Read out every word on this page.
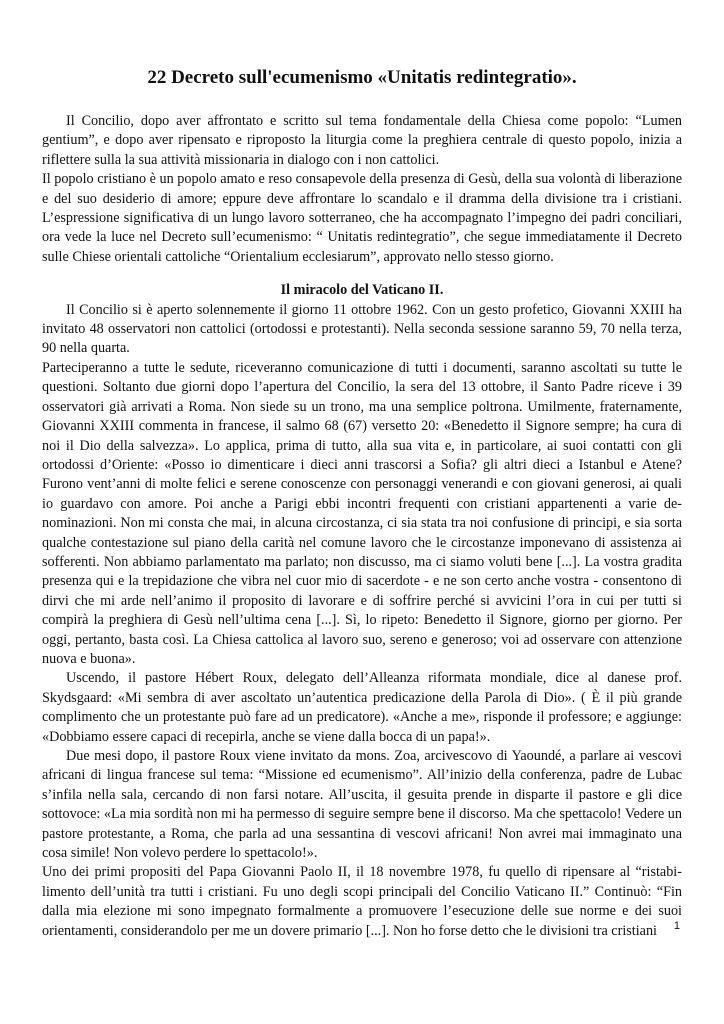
22 Decreto sull'ecumenismo «Unitatis redintegratio».

Il Concilio, dopo aver affrontato e scritto sul tema fondamentale della Chiesa come popolo: “Lumen gentium”, e dopo aver ripensato e riproposto la liturgia come la preghiera centrale di questo popolo, inizia a riflettere sulla la sua attività missionaria in dialogo con i non cattolici.

Il popolo cristiano è un popolo amato e reso consapevole della presenza di Gesù, della sua volontà di liberazione e del suo desiderio di amore; eppure deve affrontare lo scandalo e il dramma della divisione tra i cristiani. L’espressione significativa di un lungo lavoro sotterraneo, che ha accompagnato l’impegno dei padri conciliari, ora vede la luce nel Decreto sull’ecumenismo: “ Unitatis redintegratio”, che segue immediatamente il Decreto sulle Chiese orientali cattoliche “Orientalium ecclesiarum”, approvato nello stesso giorno.

Il miracolo del Vaticano II.

Il Concilio si è aperto solennemente il giorno 11 ottobre 1962. Con un gesto profetico, Giovanni XXIII ha invitato 48 osservatori non cattolici (ortodossi e protestanti). Nella seconda sessione saranno 59, 70 nella terza, 90 nella quarta.

Parteciperanno a tutte le sedute, riceveranno comunicazione di tutti i documenti, saranno ascoltati su tutte le questioni. Soltanto due giorni dopo l’apertura del Concilio, la sera del 13 ottobre, il Santo Padre riceve i 39 osservatori già arrivati a Roma. Non siede su un trono, ma una semplice poltrona. Umilmente, fraternamente, Giovanni XXIII commenta in francese, il salmo 68 (67) versetto 20: «Benedetto il Signore sempre; ha cura di noi il Dio della salvezza». Lo applica, prima di tutto, alla sua vita e, in particolare, ai suoi contatti con gli ortodossi d’Oriente: «Posso io dimenticare i dieci anni trascorsi a Sofia? gli altri dieci a Istanbul e Atene? Furono vent’anni di molte felici e serene conoscenze con personaggi venerandi e con giovani generosi, ai quali io guardavo con amore. Poi anche a Parigi ebbi incontri frequenti con cristiani appartenenti a varie denominazioni. Non mi consta che mai, in alcuna circostanza, ci sia stata tra noi confusione di principi, e sia sorta qualche contestazione sul piano della carità nel comune lavoro che le circostanze imponevano di assistenza ai sofferenti. Non abbiamo parlamentato ma parlato; non discusso, ma ci siamo voluti bene [...]. La vostra gradita presenza qui e la trepidazione che vibra nel cuor mio di sacerdote - e ne son certo anche vostra - consentono di dirvi che mi arde nell’animo il proposito di lavorare e di soffrire perché si avvicini l’ora in cui per tutti si compirà la preghiera di Gesù nell’ultima cena [...]. Sì, lo ripeto: Benedetto il Signore, giorno per giorno. Per oggi, pertanto, basta così. La Chiesa cattolica al lavoro suo, sereno e generoso; voi ad osservare con attenzione nuova e buona».

Uscendo, il pastore Hébert Roux, delegato dell’Alleanza riformata mondiale, dice al danese prof. Skydsgaard: «Mi sembra di aver ascoltato un’autentica predicazione della Parola di Dio». ( È il più grande complimento che un protestante può fare ad un predicatore). «Anche a me», risponde il professore; e aggiunge: «Dobbiamo essere capaci di recepirla, anche se viene dalla bocca di un papa!».

Due mesi dopo, il pastore Roux viene invitato da mons. Zoa, arcivescovo di Yaoundé, a parlare ai vescovi africani di lingua francese sul tema: “Missione ed ecumenismo”. All’inizio della conferenza, padre de Lubac s’infila nella sala, cercando di non farsi notare. All’uscita, il gesuita prende in disparte il pastore e gli dice sottovoce: «La mia sordità non mi ha permesso di seguire sempre bene il discorso. Ma che spettacolo! Vedere un pastore protestante, a Roma, che parla ad una sessantina di vescovi africani! Non avrei mai immaginato una cosa simile! Non volevo perdere lo spettacolo!».

Uno dei primi propositi del Papa Giovanni Paolo II, il 18 novembre 1978, fu quello di ripensare al “ristabilimento dell’unità tra tutti i cristiani. Fu uno degli scopi principali del Concilio Vaticano II.” Continuò: “Fin dalla mia elezione mi sono impegnato formalmente a promuovere l’esecuzione delle sue norme e dei suoi orientamenti, considerandolo per me un dovere primario [...]. Non ho forse detto che le divisioni tra cristiani	1
